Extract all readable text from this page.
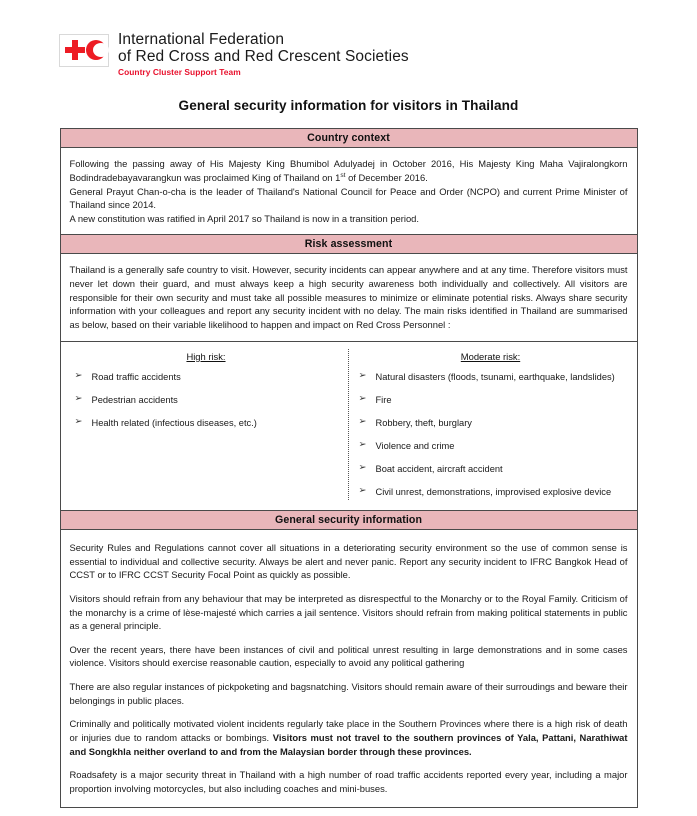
International Federation
of Red Cross and Red Crescent Societies
Country Cluster Support Team
General security information for visitors in Thailand
Country context

Following the passing away of His Majesty King Bhumibol Adulyadej in October 2016, His Majesty King Maha Vajiralongkorn Bodindradebayavarangkun was proclaimed King of Thailand on 1st of December 2016.

General Prayut Chan-o-cha is the leader of Thailand's National Council for Peace and Order (NCPO) and current Prime Minister of Thailand since 2014.

A new constitution was ratified in April 2017 so Thailand is now in a transition period.

Risk assessment

Thailand is a generally safe country to visit. However, security incidents can appear anywhere and at any time. Therefore visitors must never let down their guard, and must always keep a high security awareness both individually and collectively. All visitors are responsible for their own security and must take all possible measures to minimize or eliminate potential risks. Always share security information with your colleagues and report any security incident with no delay. The main risks identified in Thailand are summarised as below, based on their variable likelihood to happen and impact on Red Cross Personnel :

High risk:
➢ Road traffic accidents
➢ Pedestrian accidents
➢ Health related (infectious diseases, etc.)
Moderate risk:
➢ Natural disasters (floods, tsunami, earthquake, landslides)
➢ Fire
➢ Robbery, theft, burglary
➢ Violence and crime
➢ Boat accident, aircraft accident
➢ Civil unrest, demonstrations, improvised explosive device
General security information

Security Rules and Regulations cannot cover all situations in a deteriorating security environment so the use of common sense is essential to individual and collective security. Always be alert and never panic. Report any security incident to IFRC Bangkok Head of CCST or to IFRC CCST Security Focal Point as quickly as possible.

Visitors should refrain from any behaviour that may be interpreted as disrespectful to the Monarchy or to the Royal Family. Criticism of the monarchy is a crime of lèse-majesté which carries a jail sentence. Visitors should refrain from making political statements in public as a general principle.

Over the recent years, there have been instances of civil and political unrest resulting in large demonstrations and in some cases violence. Visitors should exercise reasonable caution, especially to avoid any political gathering

There are also regular instances of pickpoketing and bagsnatching. Visitors should remain aware of their surroudings and beware their belongings in public places.

Criminally and politically motivated violent incidents regularly take place in the Southern Provinces where there is a high risk of death or injuries due to random attacks or bombings. Visitors must not travel to the southern provinces of Yala, Pattani, Narathiwat and Songkhla neither overland to and from the Malaysian border through these provinces.

Roadsafety is a major security threat in Thailand with a high number of road traffic accidents reported every year, including a major proportion involving motorcycles, but also including coaches and mini-buses.
